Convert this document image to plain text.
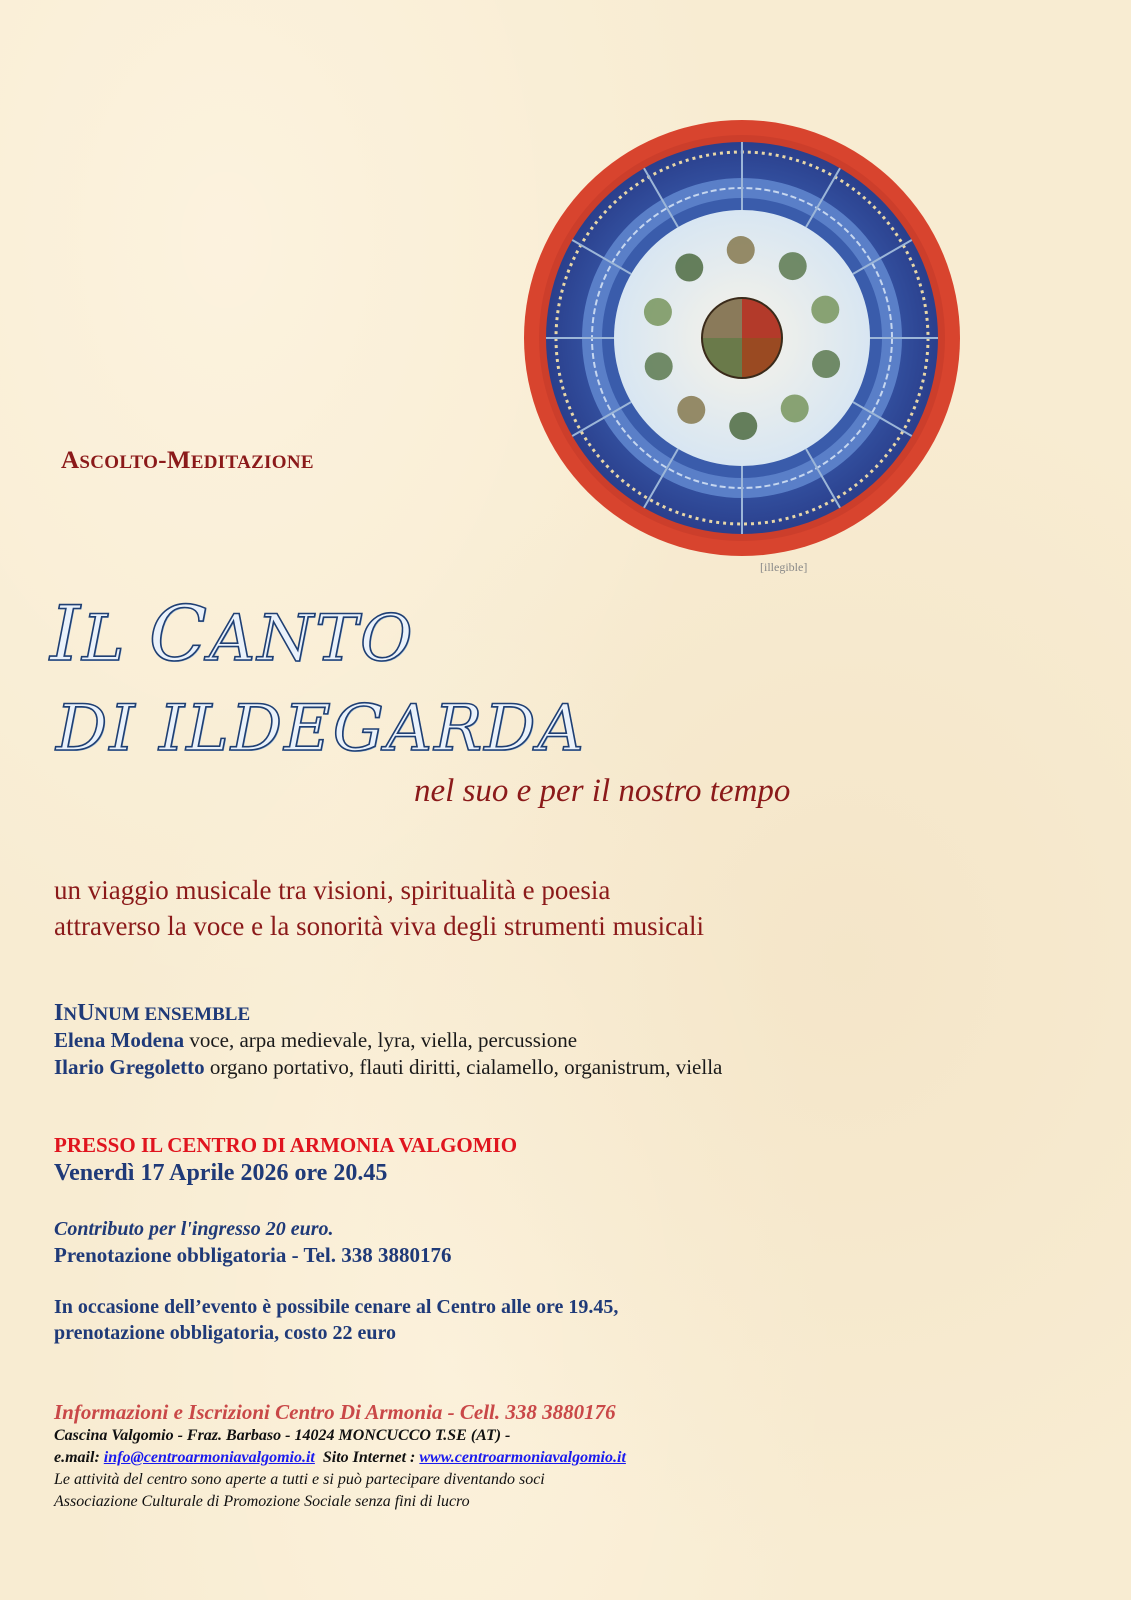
ASCOLTO-MEDITAZIONE
IL CANTO
DI ILDEGARDA
nel suo e per il nostro tempo
un viaggio musicale tra visioni, spiritualità e poesia
attraverso la voce e la sonorità viva degli strumenti musicali
INUNUM ENSEMBLE
Elena Modena voce, arpa medievale, lyra, viella, percussione
Ilario Gregoletto organo portativo, flauti diritti, cialamello, organistrum, viella
PRESSO IL CENTRO DI ARMONIA VALGOMIO
Venerdì 17 Aprile 2026 ore 20.45
Contributo per l'ingresso 20 euro.
Prenotazione obbligatoria - Tel. 338 3880176
In occasione dell’evento è possibile cenare al Centro alle ore 19.45,
prenotazione obbligatoria, costo 22 euro
Informazioni e Iscrizioni Centro Di Armonia - Cell. 338 3880176
Cascina Valgomio - Fraz. Barbaso - 14024 MONCUCCO T.SE (AT) -
e.mail: info@centroarmoniavalgomio.it  Sito Internet : www.centroarmoniavalgomio.it
Le attività del centro sono aperte a tutti e si può partecipare diventando soci
Associazione Culturale di Promozione Sociale senza fini di lucro
[illegible]
